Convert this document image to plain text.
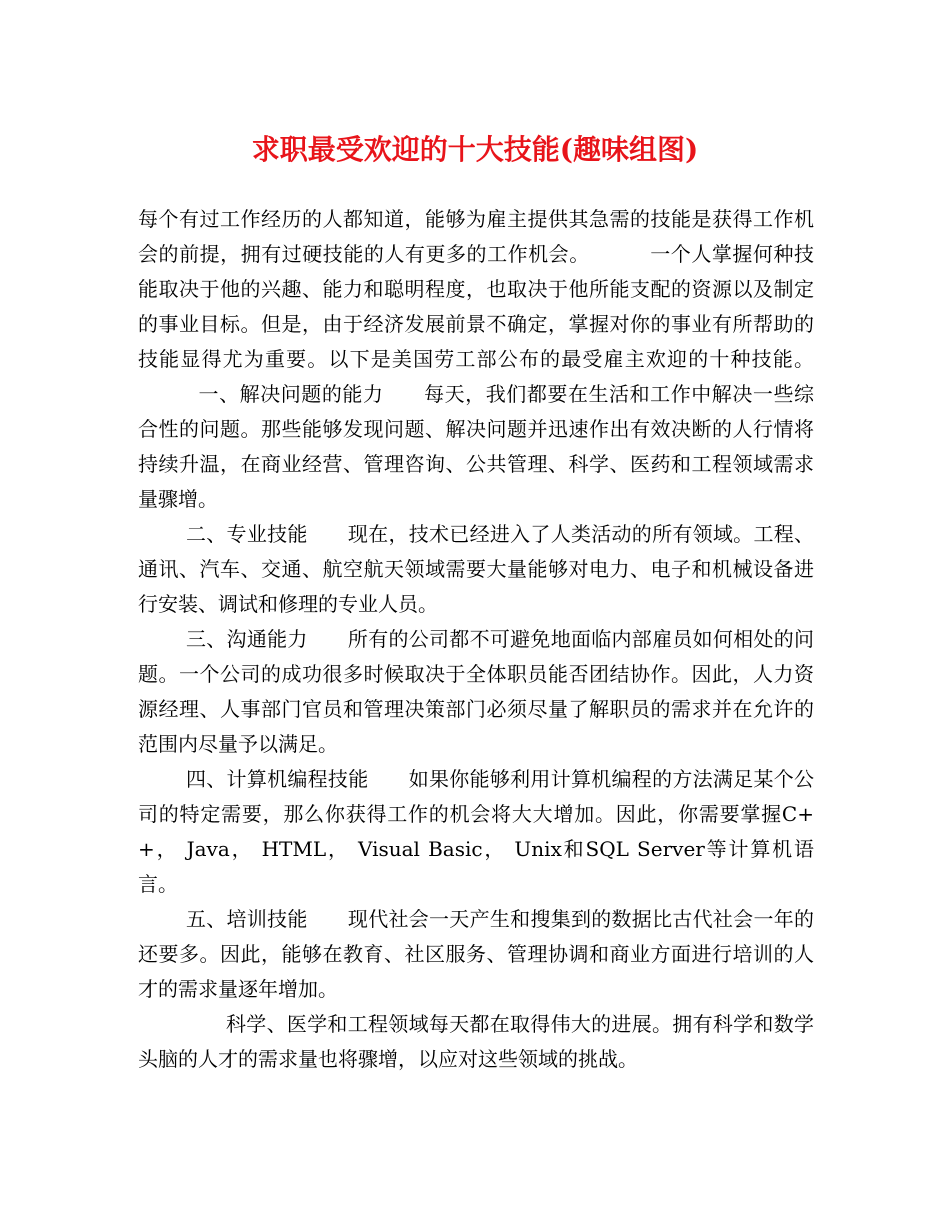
求职最受欢迎的十大技能(趣味组图)

每个有过工作经历的人都知道，能够为雇主提供其急需的技能是获得工作机会的前提，拥有过硬技能的人有更多的工作机会。	一个人掌握何种技能取决于他的兴趣、能力和聪明程度，也取决于他所能支配的资源以及制定的事业目标。但是，由于经济发展前景不确定，掌握对你的事业有所帮助的技能显得尤为重要。以下是美国劳工部公布的最受雇主欢迎的十种技能。一、解决问题的能力 每天，我们都要在生活和工作中解决一些综合性的问题。那些能够发现问题、解决问题并迅速作出有效决断的人行情将持续升温，在商业经营、管理咨询、公共管理、科学、医药和工程领域需求量骤增。

二、专业技能 现在，技术已经进入了人类活动的所有领域。工程、通讯、汽车、交通、航空航天领域需要大量能够对电力、电子和机械设备进行安装、调试和修理的专业人员。

三、沟通能力 所有的公司都不可避免地面临内部雇员如何相处的问题。一个公司的成功很多时候取决于全体职员能否团结协作。因此，人力资源经理、人事部门官员和管理决策部门必须尽量了解职员的需求并在允许的范围内尽量予以满足。

四、计算机编程技能 如果你能够利用计算机编程的方法满足某个公司的特定需要，那么你获得工作的机会将大大增加。因此，你需要掌握C++， Java， HTML， Visual Basic， Unix和SQL Server等计算机语言。

五、培训技能 现代社会一天产生和搜集到的数据比古代社会一年的还要多。因此，能够在教育、社区服务、管理协调和商业方面进行培训的人才的需求量逐年增加。

科学、医学和工程领域每天都在取得伟大的进展。拥有科学和数学头脑的人才的需求量也将骤增，以应对这些领域的挑战。
